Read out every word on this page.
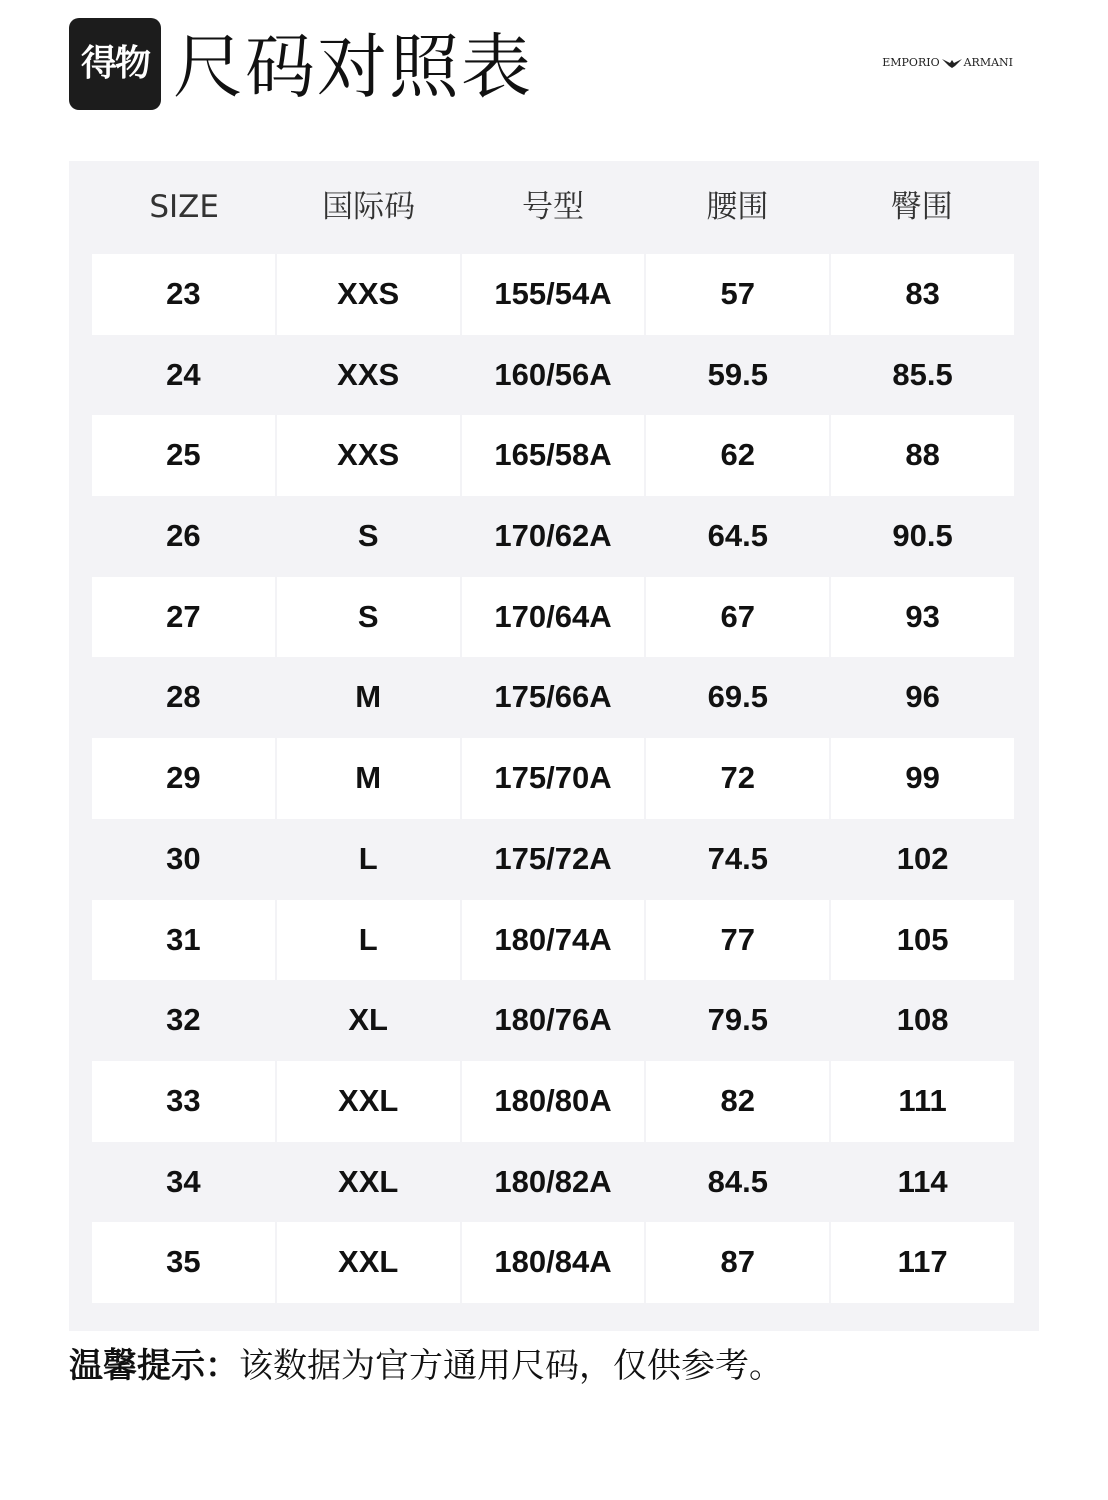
得物 尺码对照表	EMPORIO ARMANI
SIZE	国际码	号型	腰围	臀围
23	XXS	155/54A	57	83
24	XXS	160/56A	59.5	85.5
25	XXS	165/58A	62	88
26	S	170/62A	64.5	90.5
27	S	170/64A	67	93
28	M	175/66A	69.5	96
29	M	175/70A	72	99
30	L	175/72A	74.5	102
31	L	180/74A	77	105
32	XL	180/76A	79.5	108
33	XXL	180/80A	82	111
34	XXL	180/82A	84.5	114
35	XXL	180/84A	87	117
温馨提示：该数据为官方通用尺码，仅供参考。
